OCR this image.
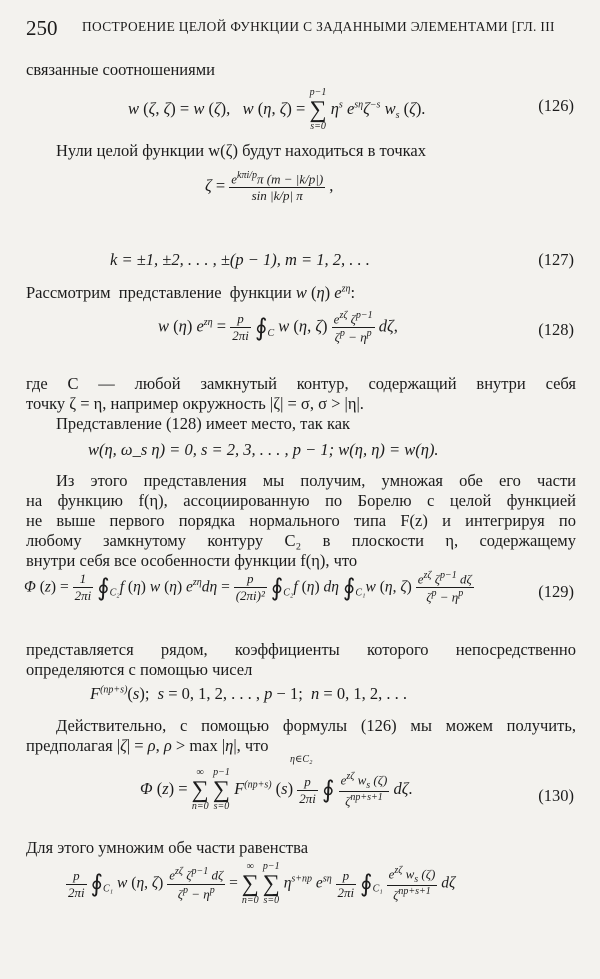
250 ПОСТРОЕНИЕ ЦЕЛОЙ ФУНКЦИИ С ЗАДАННЫМИ ЭЛЕМЕНТАМИ [ГЛ. III
связанные соотношениями
w (ζ, ζ) = w (ζ),   w (η, ζ) =
p−1
∑
s=0
$\eta^s$ $e^{s\eta}\zeta^{-s}$ $w_s$ (ζ).	(126)
Нули целой функции w(ζ) будут находиться в точках
$\zeta = \frac{e^{k\pi i/p}\pi (m - |k/p|)}{\sin |k/p| \pi}$ ,
k = ±1, ±2, . . . , ±(p − 1), m = 1, 2, . . .	(127)
Рассмотрим  представление  функции w (η) $e^{z\eta}$:
w (η) $e^{z\eta} = \frac{p}{2\pi i}$ $∮_C$ w (η, $\zeta) \frac{e^{z\zeta} \zeta^{p-1}}{\zeta^p - \eta^p} d\zeta$,	(128)
где C — любой замкнутый контур, содержащий внутри себя
точку ζ = η, например окружность |ζ| = σ, σ > |η|.
Представление (128) имеет место, так как
w(η, ω_s η) = 0, s = 2, 3, . . . , p − 1; w(η, η) = w(η).
Из этого представления мы получим, умножая обе его части
на функцию f(η), ассоциированную по Борелю с целой функцией
не выше первого порядка нормального типа F(z) и интегрируя по
любому замкнутому контуру C₂ в плоскости η, содержащему
внутри себя все особенности функции f(η), что
Φ $(z) = \frac{1}{2\pi i}$ $∮_{C_2}f$ (η) w (η) $e^{z\eta}d\eta = \frac{p}{\text{(2πi)²}}$ $∮_{C_2}f$ (η) dη $∮_{C_1}w$ (η, $\zeta) \frac{e^{z\zeta} \zeta^{p-1} d\zeta}{\zeta^p - \eta^p}$	(129)
представляется рядом, коэффициенты которого непосредственно
определяются с помощью чисел
$F^{(np+s)}(s)$;  s = 0, 1, 2, . . . , p − 1;  n = 0, 1, 2, . . .
Действительно, с помощью формулы (126) мы можем получить,
предполагая |ζ| = ρ, ρ > max |η|, что
η∈C₂
Φ (z) =
∞
∑
n=0

p−1
∑
s=0
$F^{(np+s)}$ $(s) \frac{p}{2\pi i}$ ∮ $\frac{e^{z\zeta} w_s (\zeta)}{\zeta^{np+s+1}} d\zeta$.	(130)
Для этого умножим обе части равенства
$\frac{p}{2\pi i}$ $∮_{C_1}$ w (η, $\zeta) \frac{e^{z\zeta} \zeta^{p-1} d\zeta}{\zeta^p - \eta^p}$ =
∞
∑
n=0

p−1
∑
s=0
$\eta^{s+np}$ $e^{s\eta} \frac{p}{2\pi i}$ $∮_{C_1} \frac{e^{z\zeta} w_s (\zeta)}{\zeta^{np+s+1}}$ dζ
